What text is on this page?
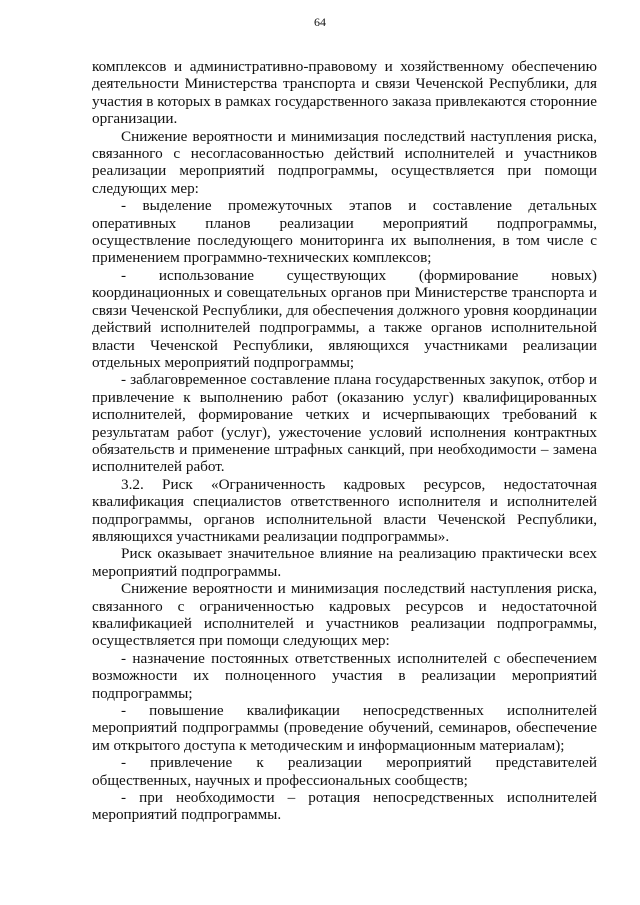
64

комплексов и административно-правовому и хозяйственному обеспечению деятельности Министерства транспорта и связи Чеченской Республики, для участия в которых в рамках государственного заказа привлекаются сторонние организации.

Снижение вероятности и минимизация последствий наступления риска, связанного с несогласованностью действий исполнителей и участников реализации мероприятий подпрограммы, осуществляется при помощи следующих мер:

- выделение промежуточных этапов и составление детальных оперативных планов реализации мероприятий подпрограммы, осуществление последующего мониторинга их выполнения, в том числе с применением программно-технических комплексов;

- использование существующих (формирование новых) координационных и совещательных органов при Министерстве транспорта и связи Чеченской Республики, для обеспечения должного уровня координации действий исполнителей подпрограммы, а также органов исполнительной власти Чеченской Республики, являющихся участниками реализации отдельных мероприятий подпрограммы;

- заблаговременное составление плана государственных закупок, отбор и привлечение к выполнению работ (оказанию услуг) квалифицированных исполнителей, формирование четких и исчерпывающих требований к результатам работ (услуг), ужесточение условий исполнения контрактных обязательств и применение штрафных санкций, при необходимости – замена исполнителей работ.

3.2. Риск «Ограниченность кадровых ресурсов, недостаточная квалификация специалистов ответственного исполнителя и исполнителей подпрограммы, органов исполнительной власти Чеченской Республики, являющихся участниками реализации подпрограммы».

Риск оказывает значительное влияние на реализацию практически всех мероприятий подпрограммы.

Снижение вероятности и минимизация последствий наступления риска, связанного с ограниченностью кадровых ресурсов и недостаточной квалификацией исполнителей и участников реализации подпрограммы, осуществляется при помощи следующих мер:

- назначение постоянных ответственных исполнителей с обеспечением возможности их полноценного участия в реализации мероприятий подпрограммы;

- повышение квалификации непосредственных исполнителей мероприятий подпрограммы (проведение обучений, семинаров, обеспечение им открытого доступа к методическим и информационным материалам);

- привлечение к реализации мероприятий представителей общественных, научных и профессиональных сообществ;

- при необходимости – ротация непосредственных исполнителей мероприятий подпрограммы.
